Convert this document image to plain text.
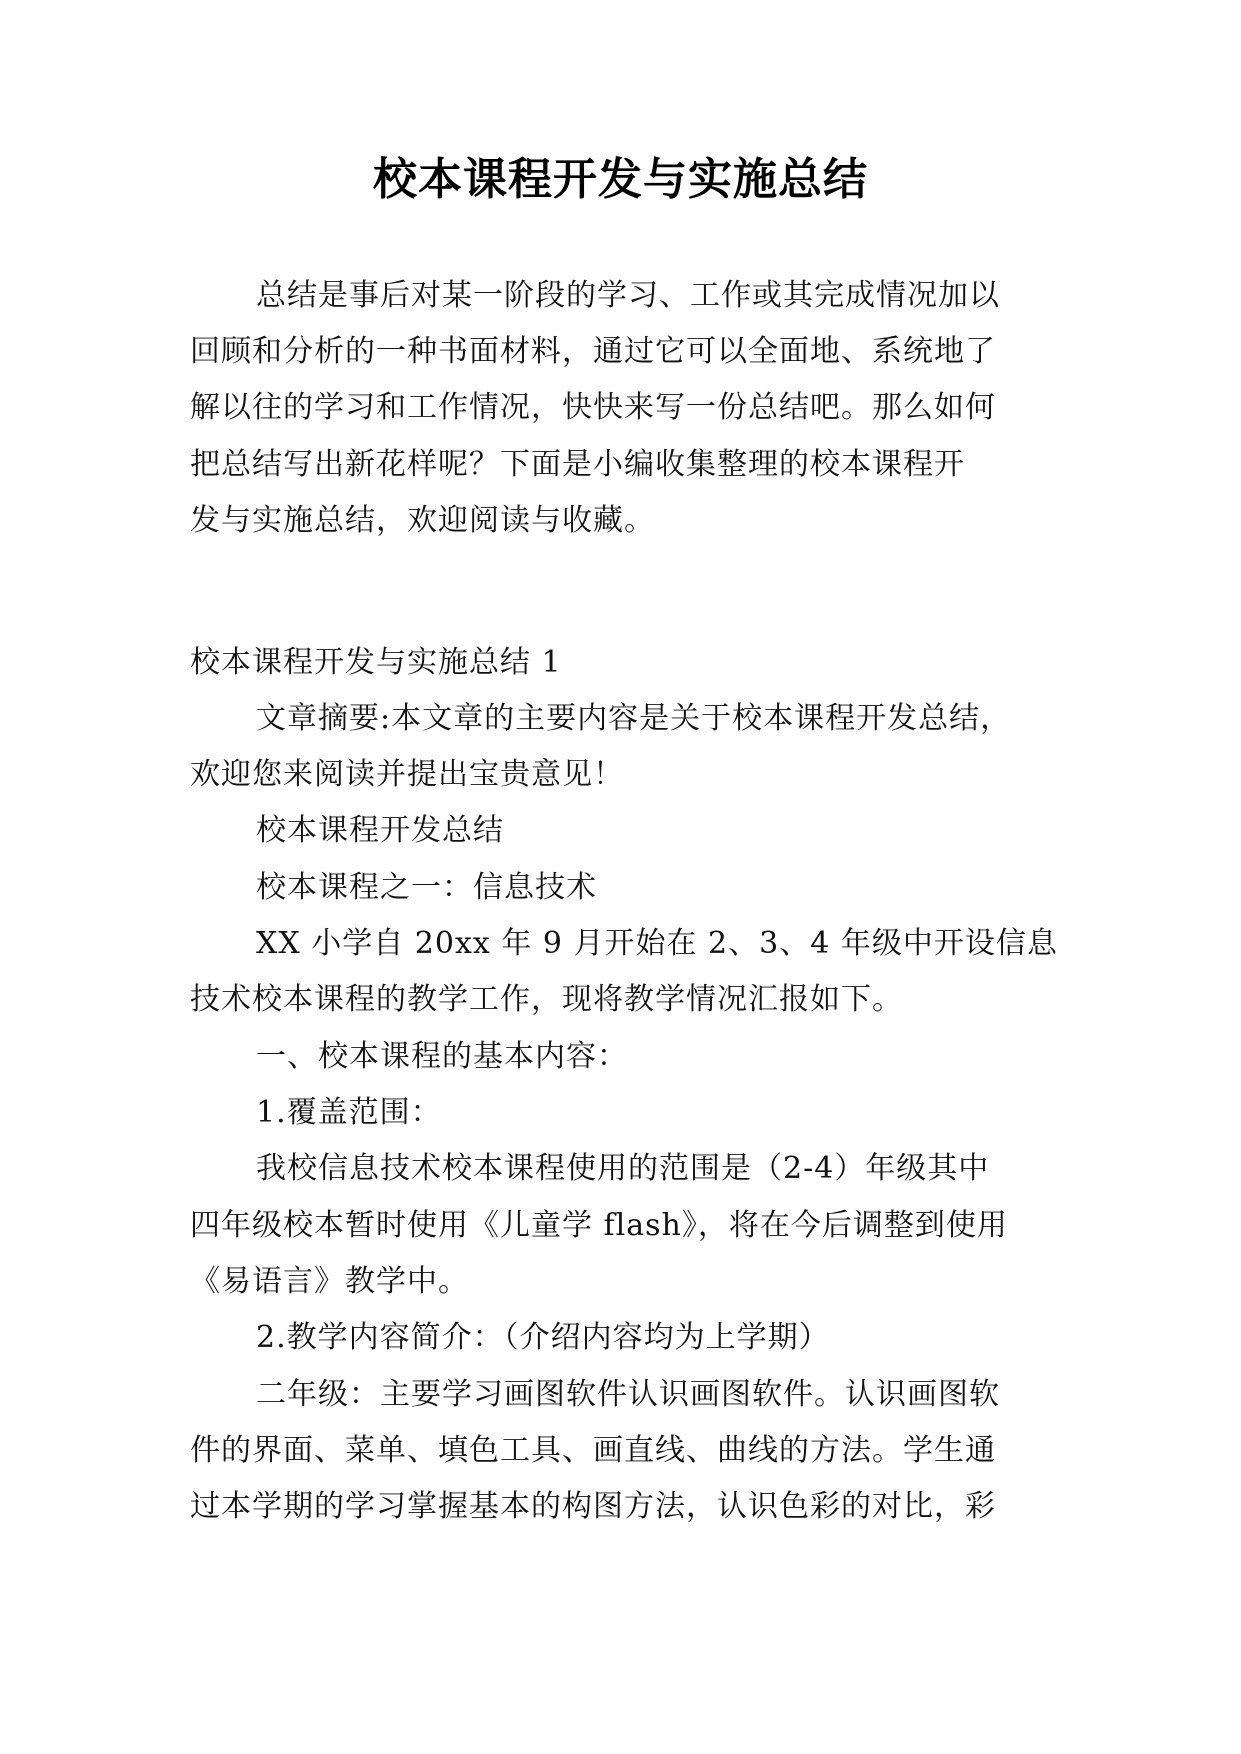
校本课程开发与实施总结
总结是事后对某一阶段的学习、工作或其完成情况加以
回顾和分析的一种书面材料，通过它可以全面地、系统地了
解以往的学习和工作情况，快快来写一份总结吧。那么如何
把总结写出新花样呢？下面是小编收集整理的校本课程开
发与实施总结，欢迎阅读与收藏。
校本课程开发与实施总结 1
文章摘要:本文章的主要内容是关于校本课程开发总结，
欢迎您来阅读并提出宝贵意见！
校本课程开发总结
校本课程之一：信息技术
XX 小学自 20xx 年 9 月开始在 2、3、4 年级中开设信息
技术校本课程的教学工作，现将教学情况汇报如下。
一、校本课程的基本内容：
1.覆盖范围：
我校信息技术校本课程使用的范围是（2-4）年级其中
四年级校本暂时使用《儿童学 flash》，将在今后调整到使用
《易语言》教学中。
2.教学内容简介：（介绍内容均为上学期）
二年级：主要学习画图软件认识画图软件。认识画图软
件的界面、菜单、填色工具、画直线、曲线的方法。学生通
过本学期的学习掌握基本的构图方法，认识色彩的对比，彩
